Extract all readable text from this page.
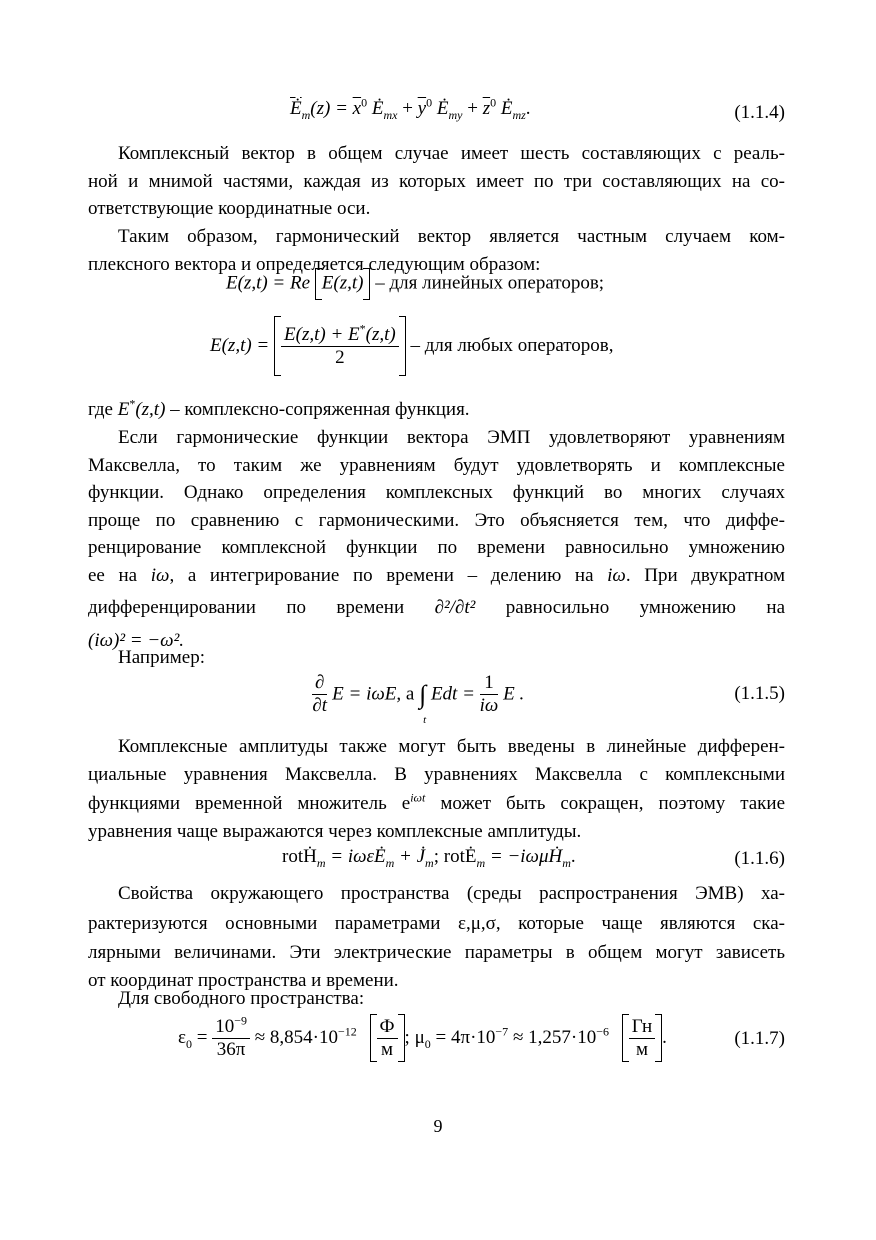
$\overline{Ė}_m(z) = \overline{x}^0$ $Ė_{mx} + \overline{y}^0$ $Ė_{my} + \overline{z}^0$ $Ė_{mz}$.	(1.1.4)
Комплексный вектор в общем случае имеет шесть составляющих с реаль-
ной и мнимой частями, каждая из которых имеет по три составляющих на со-
ответствующие координатные оси.
Таким образом, гармонический вектор является частным случаем ком-
плексного вектора и определяется следующим образом:
E(z,t) = Re E(z,t) – для линейных операторов;
$E(z,t) = \frac{E(z,t) + E^*(z,t)}{2}$ – для любых операторов,
где E*(z,t) – комплексно-сопряженная функция.
Если гармонические функции вектора ЭМП удовлетворяют уравнениям
Максвелла, то таким же уравнениям будут удовлетворять и комплексные
функции. Однако определения комплексных функций во многих случаях
проще по сравнению с гармоническими. Это объясняется тем, что диффе-
ренцирование комплексной функции по времени равносильно умножению
ее на iω, а интегрирование по времени – делению на iω. При двукратном
дифференцировании по времени ∂²/∂t² равносильно умножению на
(iω)² = −ω².
Например:
$\frac{\partial}{\partial t}$ E = iωE, а ∫
t
Edt = $\frac{1}{i\omega}$ E .	(1.1.5)
Комплексные амплитуды также могут быть введены в линейные дифферен-
циальные уравнения Максвелла. В уравнениях Максвелла с комплексными
функциями временной множитель $e^{i\omega t}$ может быть сокращен, поэтому такие
уравнения чаще выражаются через комплексные амплитуды.
rotḢ$_m$ = iωεĖ$_m$ + $J̇_m$; rotĖ$_m$ = −iωμḢ$_m$.	(1.1.6)
Свойства окружающего пространства (среды распространения ЭМВ) ха-
рактеризуются основными параметрами ε,μ,σ, которые чаще являются ска-
лярными величинами. Эти электрические параметры в общем могут зависеть
от координат пространства и времени.
Для свободного пространства:
$\varepsilon_0 = \frac{10^{-9}}{36\pi} \approx 8,854\cdot 10^{-12} \frac{Ф}{м}$ ; $\mu_0 = 4\pi\cdot 10^{-7} \approx 1,257\cdot 10^{-6} \frac{Гн}{м}$ .	(1.1.7)
9
